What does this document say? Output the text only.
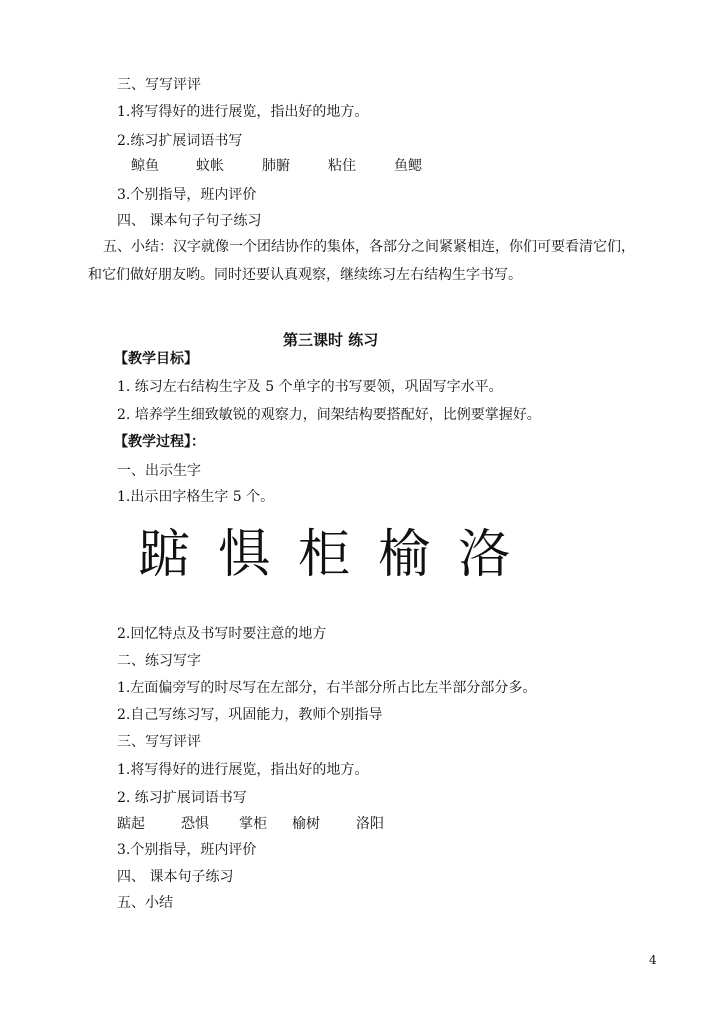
三、写写评评
1.将写得好的进行展览，指出好的地方。
2.练习扩展词语书写
鲸鱼	蚊帐	肺腑	粘住	鱼鳃
3.个别指导，班内评价
四、 课本句子句子练习
五、小结：汉字就像一个团结协作的集体，各部分之间紧紧相连，你们可要看清它们，
和它们做好朋友哟。同时还要认真观察，继续练习左右结构生字书写。
第三课时 练习
【教学目标】
1. 练习左右结构生字及 5 个单字的书写要领，巩固写字水平。
2. 培养学生细致敏锐的观察力，间架结构要搭配好，比例要掌握好。
【教学过程】：
一、出示生字
1.出示田字格生字 5 个。
踮 惧 柜 榆 洛
2.回忆特点及书写时要注意的地方
二、练习写字
1.左面偏旁写的时尽写在左部分，右半部分所占比左半部分部分多。
2.自己写练习写，巩固能力，教师个别指导
三、写写评评
1.将写得好的进行展览，指出好的地方。
2. 练习扩展词语书写
踮起	恐惧 掌柜 榆树	洛阳
3.个别指导，班内评价
四、 课本句子练习
五、小结
4
